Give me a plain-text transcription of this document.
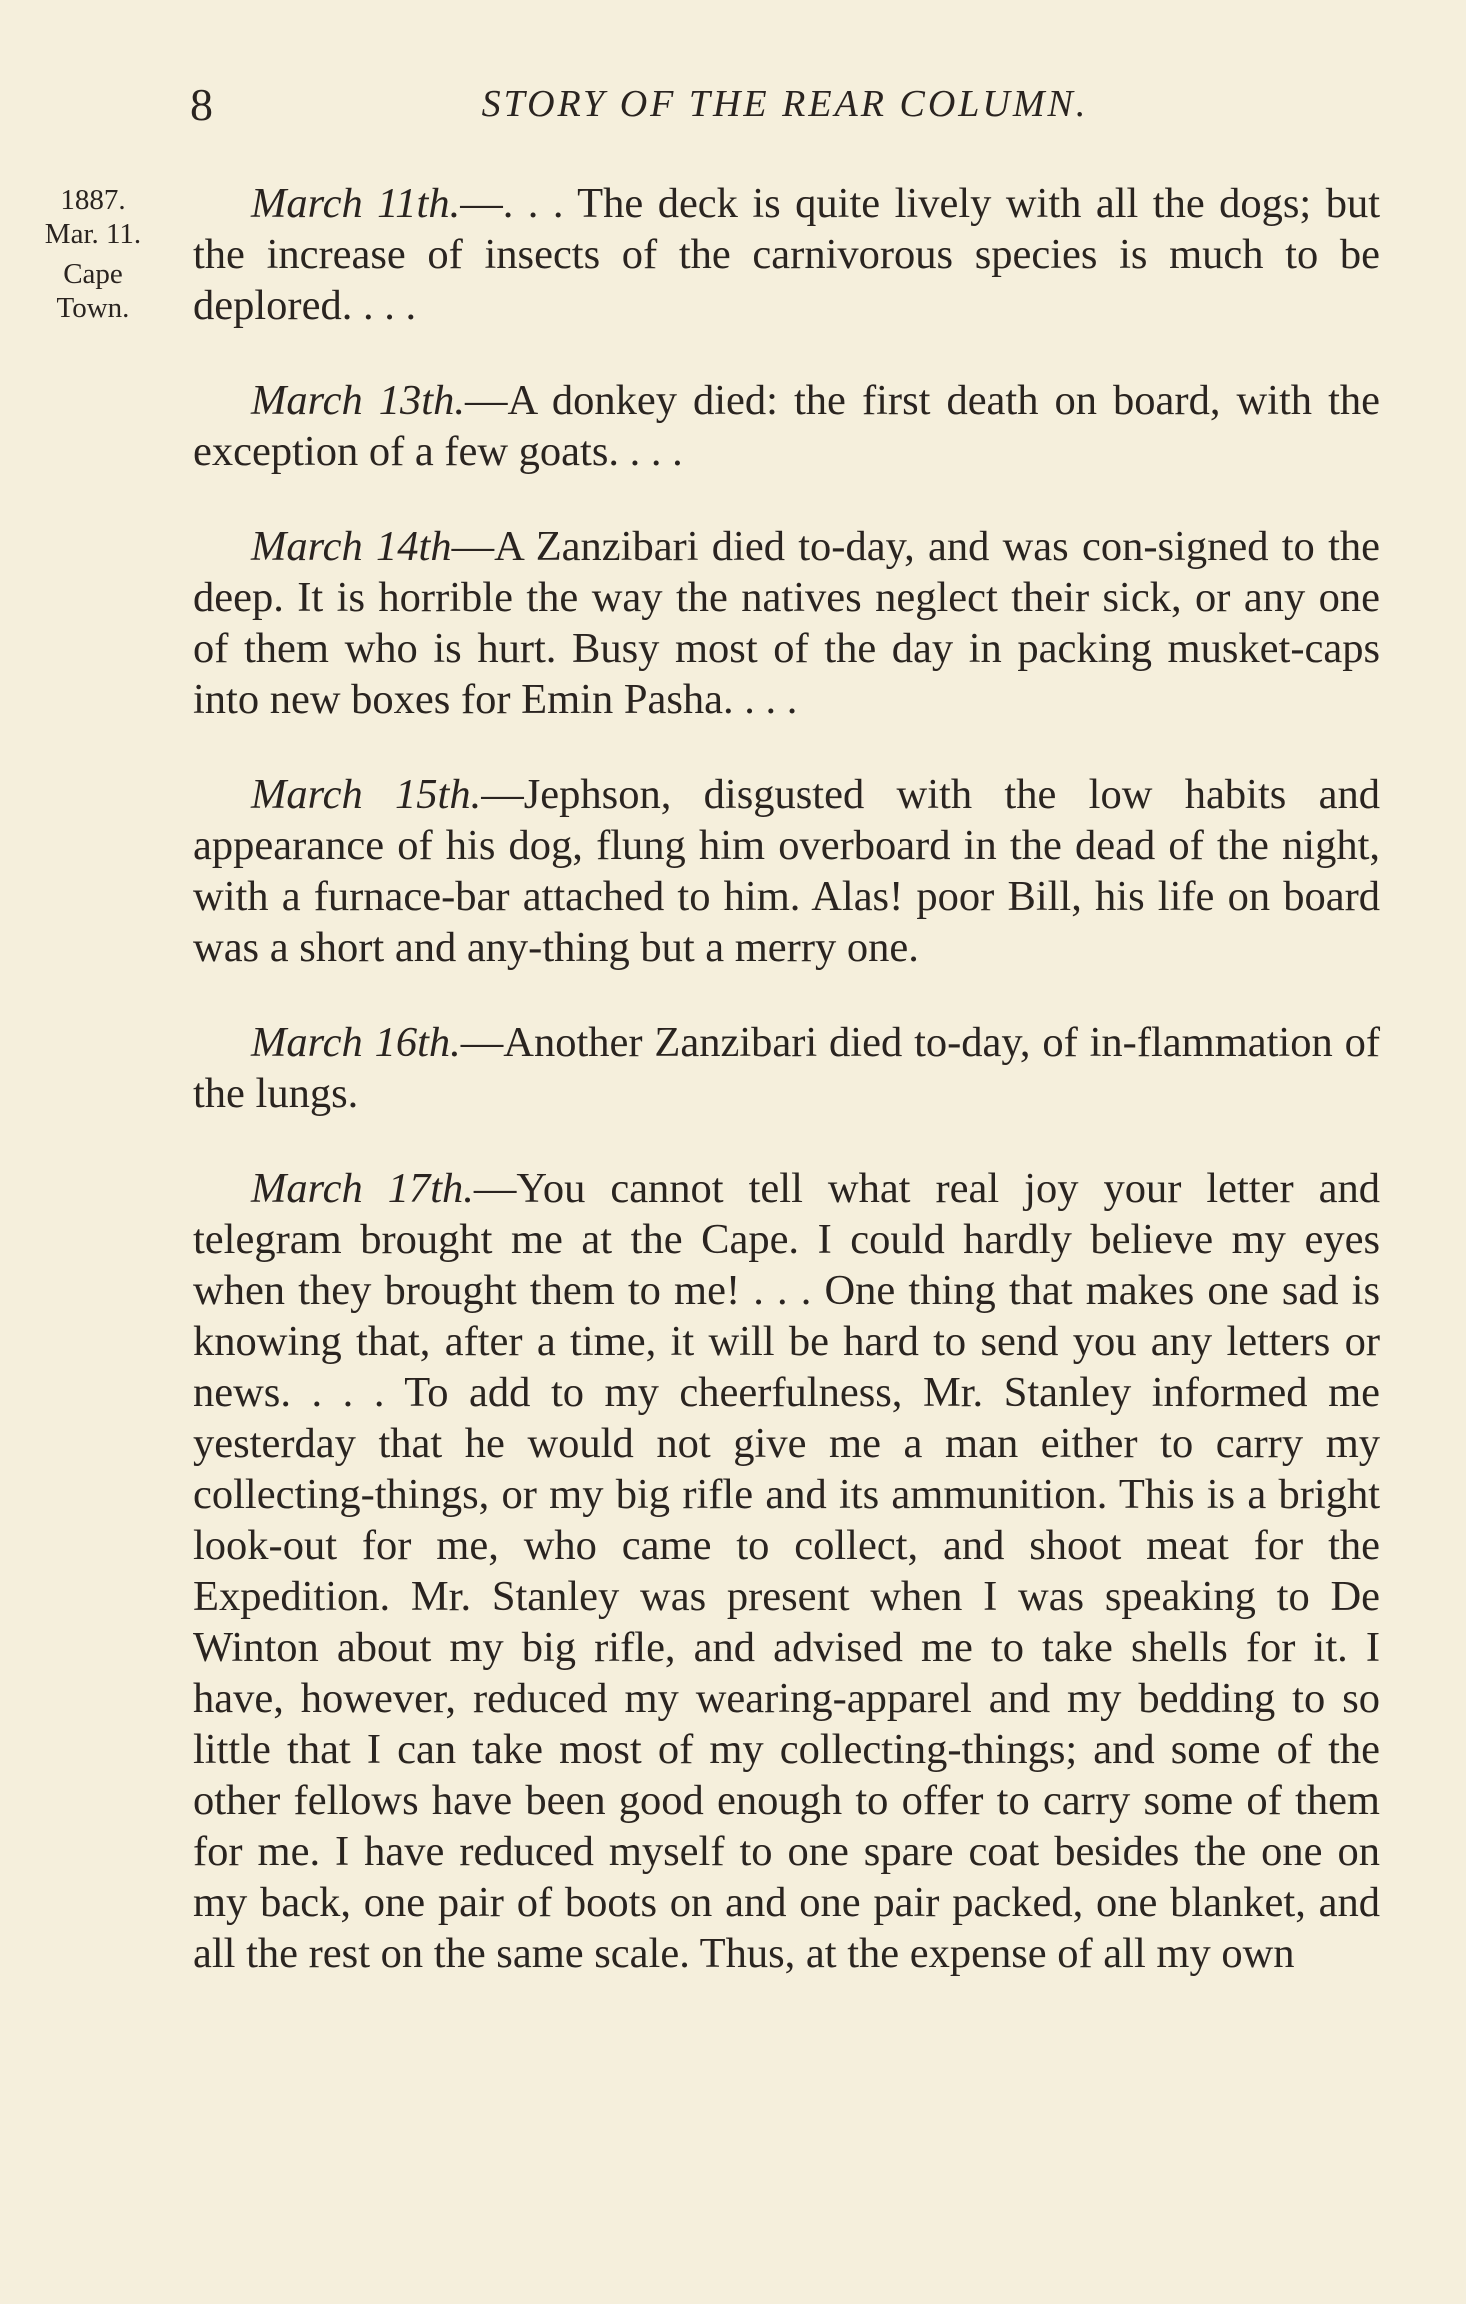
8	STORY OF THE REAR COLUMN.
1887.
Mar. 11.
Cape
Town.

March 11th.—. . . The deck is quite lively with all the dogs; but the increase of insects of the carnivorous species is much to be deplored. . . .

March 13th.—A donkey died: the first death on board, with the exception of a few goats. . . .

March 14th—A Zanzibari died to-day, and was con-signed to the deep. It is horrible the way the natives neglect their sick, or any one of them who is hurt. Busy most of the day in packing musket-caps into new boxes for Emin Pasha. . . .

March 15th.—Jephson, disgusted with the low habits and appearance of his dog, flung him overboard in the dead of the night, with a furnace-bar attached to him. Alas! poor Bill, his life on board was a short and any-thing but a merry one.

March 16th.—Another Zanzibari died to-day, of in-flammation of the lungs.

March 17th.—You cannot tell what real joy your letter and telegram brought me at the Cape. I could hardly believe my eyes when they brought them to me! . . . One thing that makes one sad is knowing that, after a time, it will be hard to send you any letters or news. . . . To add to my cheerfulness, Mr. Stanley informed me yesterday that he would not give me a man either to carry my collecting-things, or my big rifle and its ammunition. This is a bright look-out for me, who came to collect, and shoot meat for the Expedition. Mr. Stanley was present when I was speaking to De Winton about my big rifle, and advised me to take shells for it. I have, however, reduced my wearing-apparel and my bedding to so little that I can take most of my collecting-things; and some of the other fellows have been good enough to offer to carry some of them for me. I have reduced myself to one spare coat besides the one on my back, one pair of boots on and one pair packed, one blanket, and all the rest on the same scale. Thus, at the expense of all my own
